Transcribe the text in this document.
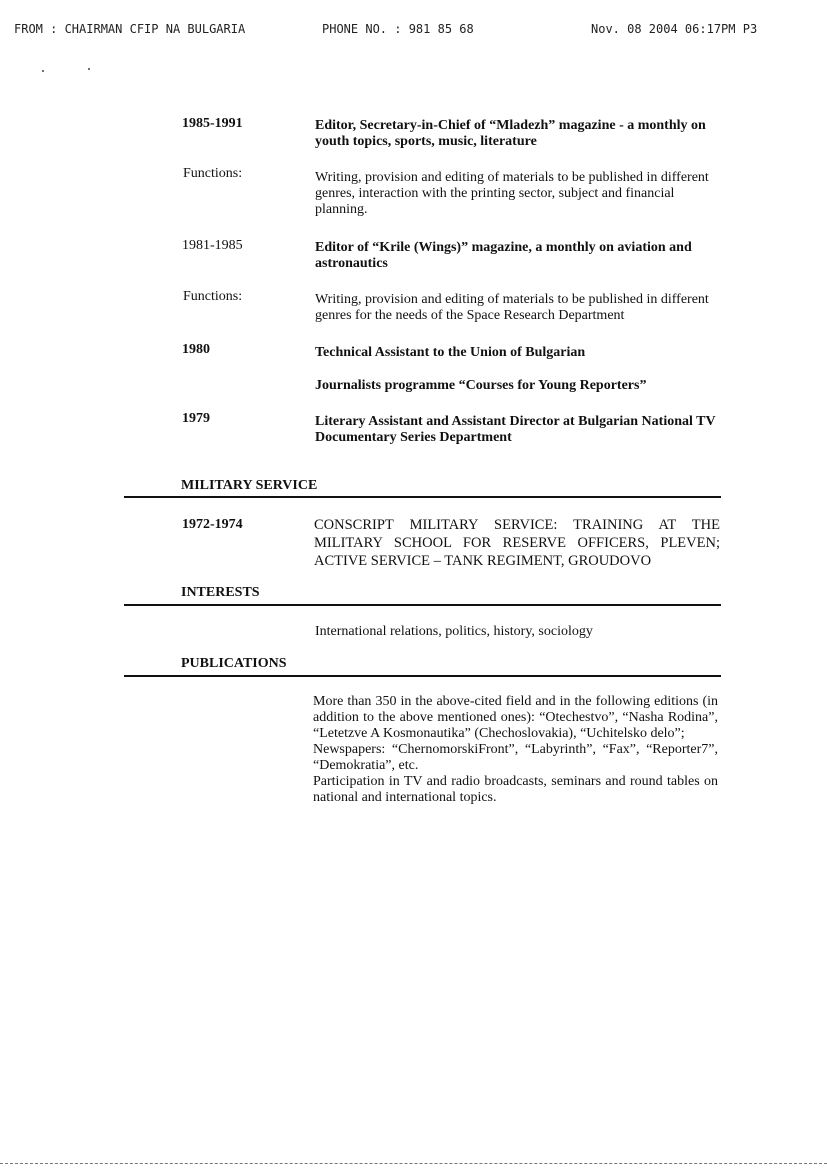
FROM : CHAIRMAN CFIP NA BULGARIA	PHONE NO. : 981 85 68	Nov. 08 2004 06:17PM P3
1985-1991	Editor, Secretary-in-Chief of “Mladezh” magazine - a monthly on youth topics, sports, music, literature
Functions:	Writing, provision and editing of materials to be published in different genres, interaction with the printing sector, subject and financial planning.
1981-1985	Editor of “Krile (Wings)” magazine, a monthly on aviation and astronautics
Functions:	Writing, provision and editing of materials to be published in different genres for the needs of the Space Research Department
1980	Technical Assistant to the Union of Bulgarian
Journalists programme “Courses for Young Reporters”
1979	Literary Assistant and Assistant Director at Bulgarian National TV Documentary Series Department
MILITARY SERVICE
1972-1974	CONSCRIPT MILITARY SERVICE: TRAINING AT THE MILITARY SCHOOL FOR RESERVE OFFICERS, PLEVEN; ACTIVE SERVICE – TANK REGIMENT, GROUDOVO
INTERESTS
International relations, politics, history, sociology
PUBLICATIONS

More than 350 in the above-cited field and in the following editions (in addition to the above mentioned ones): “Otechestvo”, “Nasha Rodina”, “Letetzve A Kosmonautika” (Chechoslovakia), “Uchitelsko delo”;

Newspapers: “ChernomorskiFront”, “Labyrinth”, “Fax”, “Reporter7”, “Demokratia”, etc.

Participation in TV and radio broadcasts, seminars and round tables on national and international topics.
